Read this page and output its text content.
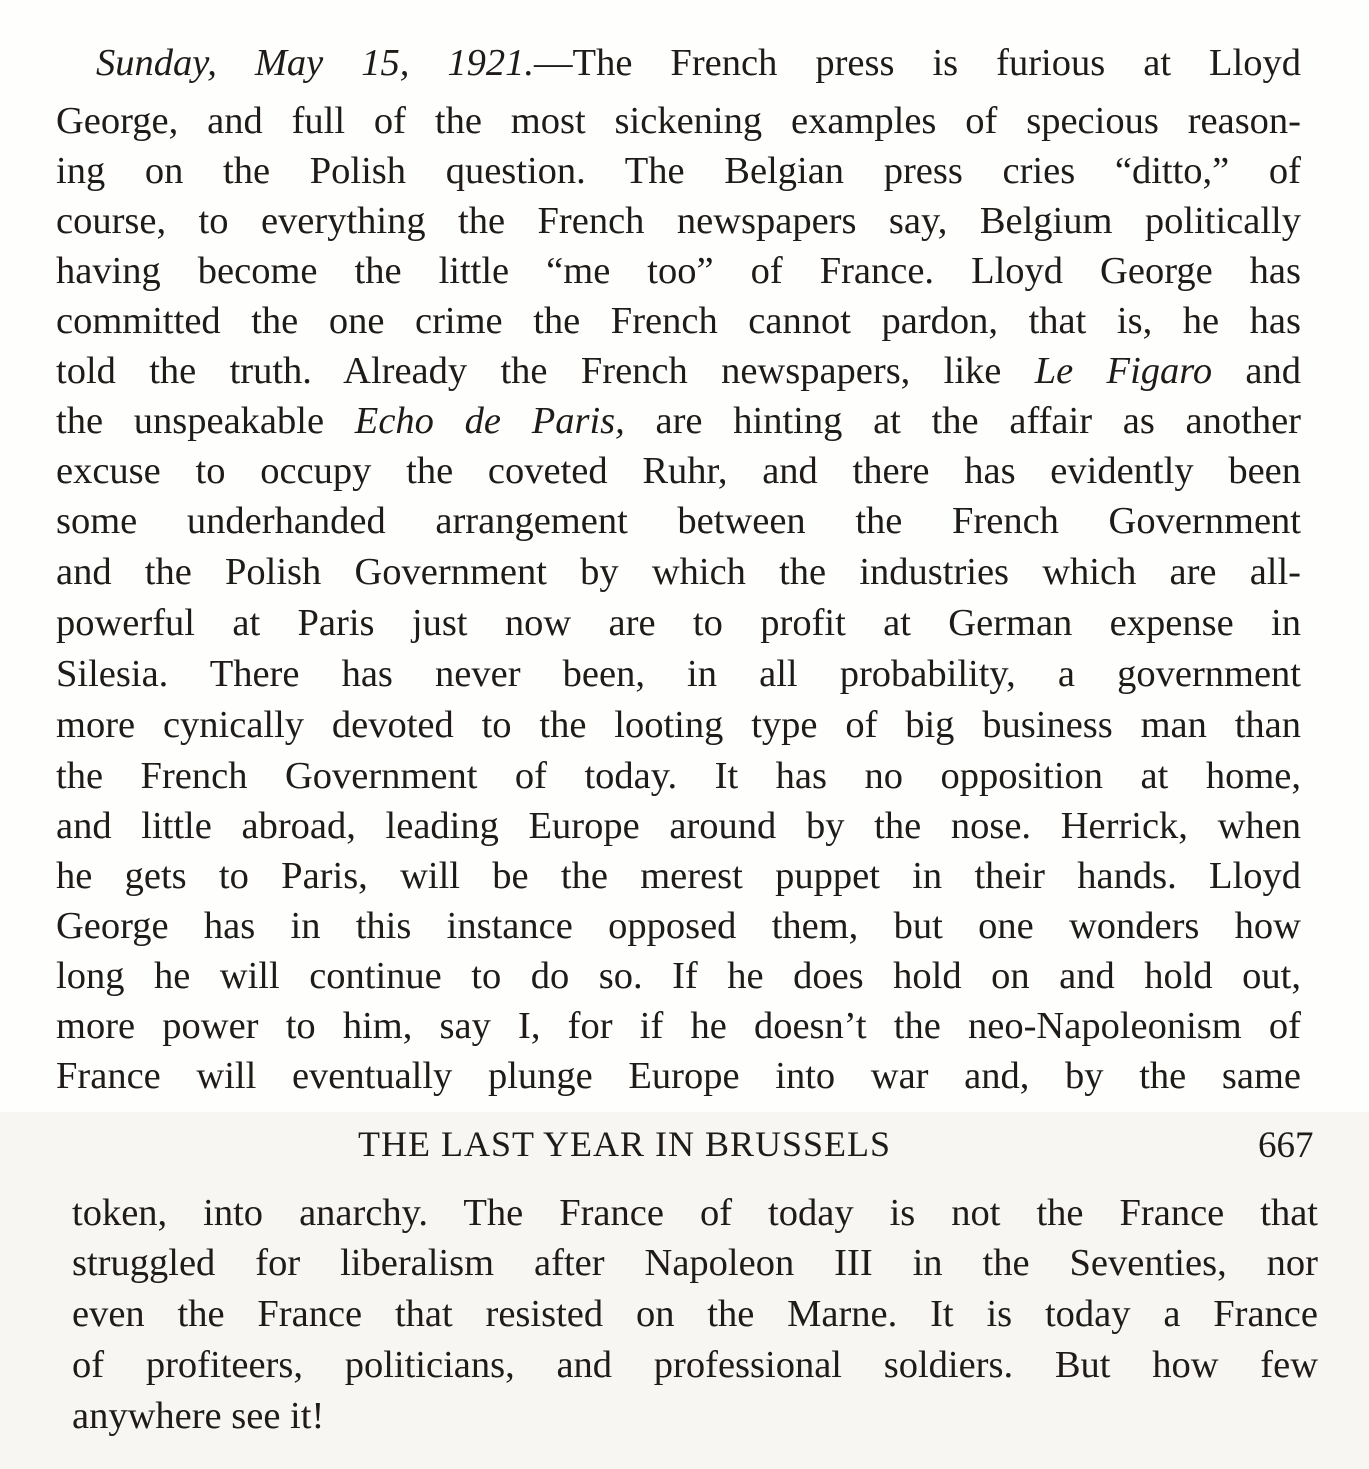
Sunday, May 15, 1921.—The French press is furious at Lloyd
George, and full of the most sickening examples of specious reason-
ing on the Polish question. The Belgian press cries “ditto,” of
course, to everything the French newspapers say, Belgium politically
having become the little “me too” of France. Lloyd George has
committed the one crime the French cannot pardon, that is, he has
told the truth. Already the French newspapers, like Le Figaro and
the unspeakable Echo de Paris, are hinting at the affair as another
excuse to occupy the coveted Ruhr, and there has evidently been
some underhanded arrangement between the French Government
and the Polish Government by which the industries which are all-
powerful at Paris just now are to profit at German expense in
Silesia. There has never been, in all probability, a government
more cynically devoted to the looting type of big business man than
the French Government of today. It has no opposition at home,
and little abroad, leading Europe around by the nose. Herrick, when
he gets to Paris, will be the merest puppet in their hands. Lloyd
George has in this instance opposed them, but one wonders how
long he will continue to do so. If he does hold on and hold out,
more power to him, say I, for if he doesn’t the neo-Napoleonism of
France will eventually plunge Europe into war and, by the same
token, into anarchy. The France of today is not the France that
struggled for liberalism after Napoleon III in the Seventies, nor
even the France that resisted on the Marne. It is today a France
of profiteers, politicians, and professional soldiers. But how few
anywhere see it!
THE LAST YEAR IN BRUSSELS	667
